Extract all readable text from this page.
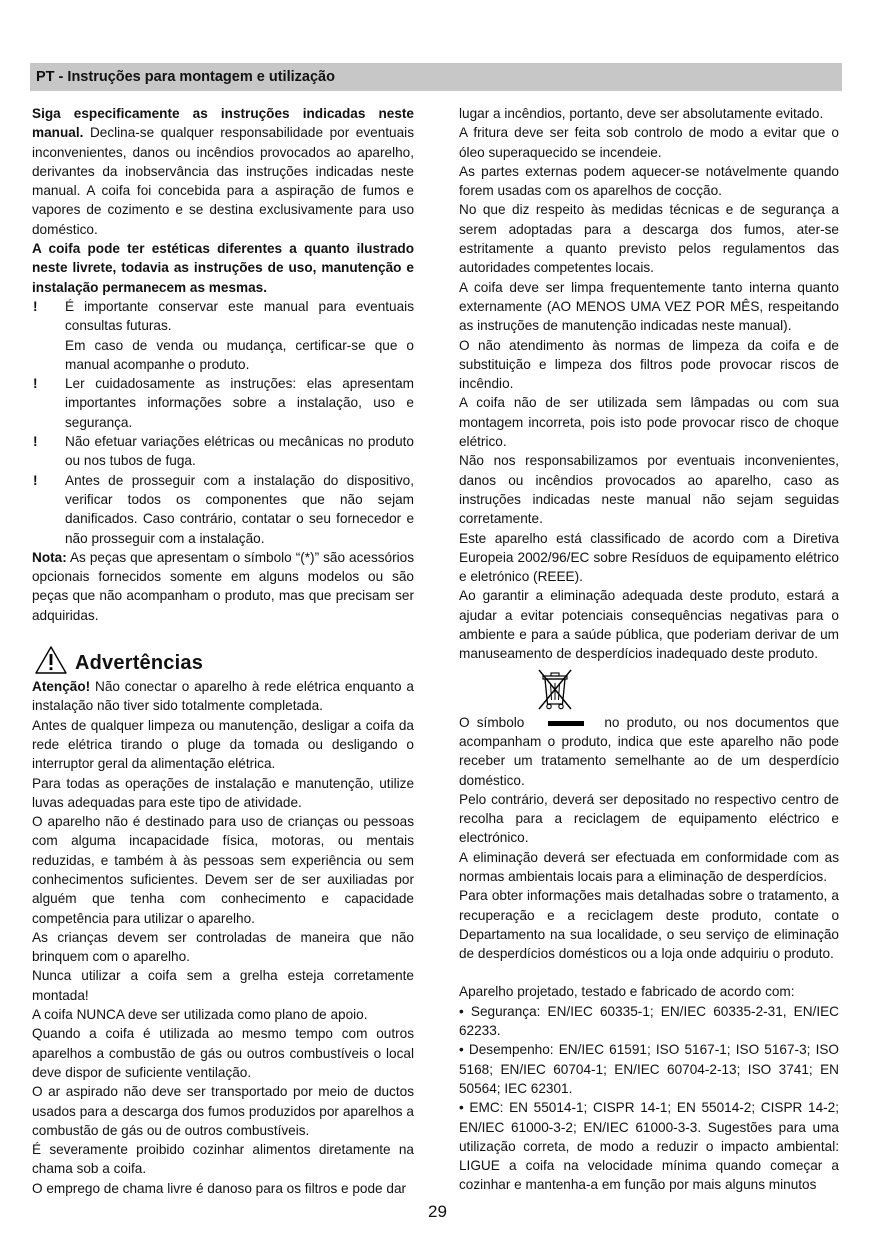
PT - Instruções para montagem e utilização

Siga especificamente as instruções indicadas neste manual. Declina-se qualquer responsabilidade por eventuais inconvenientes, danos ou incêndios provocados ao aparelho, derivantes da inobservância das instruções indicadas neste manual. A coifa foi concebida para a aspiração de fumos e vapores de cozimento e se destina exclusivamente para uso doméstico.

A coifa pode ter estéticas diferentes a quanto ilustrado neste livrete, todavia as instruções de uso, manutenção e instalação permanecem as mesmas.

! É importante conservar este manual para eventuais consultas futuras.

Em caso de venda ou mudança, certificar-se que o manual acompanhe o produto.

! Ler cuidadosamente as instruções: elas apresentam importantes informações sobre a instalação, uso e segurança.

! Não efetuar variações elétricas ou mecânicas no produto ou nos tubos de fuga.

! Antes de prosseguir com a instalação do dispositivo, verificar todos os componentes que não sejam danificados. Caso contrário, contatar o seu fornecedor e não prosseguir com a instalação.

Nota: As peças que apresentam o símbolo “(*)” são acessórios opcionais fornecidos somente em alguns modelos ou são peças que não acompanham o produto, mas que precisam ser adquiridas.

Advertências

Atenção! Não conectar o aparelho à rede elétrica enquanto a instalação não tiver sido totalmente completada.

Antes de qualquer limpeza ou manutenção, desligar a coifa da rede elétrica tirando o pluge da tomada ou desligando o interruptor geral da alimentação elétrica.

Para todas as operações de instalação e manutenção, utilize luvas adequadas para este tipo de atividade.

O aparelho não é destinado para uso de crianças ou pessoas com alguma incapacidade física, motoras, ou mentais reduzidas, e também à às pessoas sem experiência ou sem conhecimentos suficientes. Devem ser de ser auxiliadas por alguém que tenha com conhecimento e capacidade competência para utilizar o aparelho.

As crianças devem ser controladas de maneira que não brinquem com o aparelho.

Nunca utilizar a coifa sem a grelha esteja corretamente montada!

A coifa NUNCA deve ser utilizada como plano de apoio.

Quando a coifa é utilizada ao mesmo tempo com outros aparelhos a combustão de gás ou outros combustíveis o local deve dispor de suficiente ventilação.

O ar aspirado não deve ser transportado por meio de ductos usados para a descarga dos fumos produzidos por aparelhos a combustão de gás ou de outros combustíveis.

É severamente proibido cozinhar alimentos diretamente na chama sob a coifa.

O emprego de chama livre é danoso para os filtros e pode dar

lugar a incêndios, portanto, deve ser absolutamente evitado.

A fritura deve ser feita sob controlo de modo a evitar que o óleo superaquecido se incendeie.

As partes externas podem aquecer-se notávelmente quando forem usadas com os aparelhos de cocção.

No que diz respeito às medidas técnicas e de segurança a serem adoptadas para a descarga dos fumos, ater-se estritamente a quanto previsto pelos regulamentos das autoridades competentes locais.

A coifa deve ser limpa frequentemente tanto interna quanto externamente (AO MENOS UMA VEZ POR MÊS, respeitando as instruções de manutenção indicadas neste manual).

O não atendimento às normas de limpeza da coifa e de substituição e limpeza dos filtros pode provocar riscos de incêndio.

A coifa não de ser utilizada sem lâmpadas ou com sua montagem incorreta, pois isto pode provocar risco de choque elétrico.

Não nos responsabilizamos por eventuais inconvenientes, danos ou incêndios provocados ao aparelho, caso as instruções indicadas neste manual não sejam seguidas corretamente.

Este aparelho está classificado de acordo com a Diretiva Europeia 2002/96/EC sobre Resíduos de equipamento elétrico e eletrónico (REEE).

Ao garantir a eliminação adequada deste produto, estará a ajudar a evitar potenciais consequências negativas para o ambiente e para a saúde pública, que poderiam derivar de um manuseamento de desperdícios inadequado deste produto.

O símbolo	no produto, ou nos documentos que acompanham o produto, indica que este aparelho não pode receber um tratamento semelhante ao de um desperdício doméstico.

Pelo contrário, deverá ser depositado no respectivo centro de recolha para a reciclagem de equipamento eléctrico e electrónico.

A eliminação deverá ser efectuada em conformidade com as normas ambientais locais para a eliminação de desperdícios.

Para obter informações mais detalhadas sobre o tratamento, a recuperação e a reciclagem deste produto, contate o Departamento na sua localidade, o seu serviço de eliminação de desperdícios domésticos ou a loja onde adquiriu o produto.

Aparelho projetado, testado e fabricado de acordo com:

• Segurança: EN/IEC 60335-1; EN/IEC 60335-2-31, EN/IEC 62233.

• Desempenho: EN/IEC 61591; ISO 5167-1; ISO 5167-3; ISO 5168; EN/IEC 60704-1; EN/IEC 60704-2-13; ISO 3741; EN 50564; IEC 62301.

• EMC: EN 55014-1; CISPR 14-1; EN 55014-2; CISPR 14-2; EN/IEC 61000-3-2; EN/IEC 61000-3-3. Sugestões para uma utilização correta, de modo a reduzir o impacto ambiental: LIGUE a coifa na velocidade mínima quando começar a cozinhar e mantenha-a em função por mais alguns minutos

29
